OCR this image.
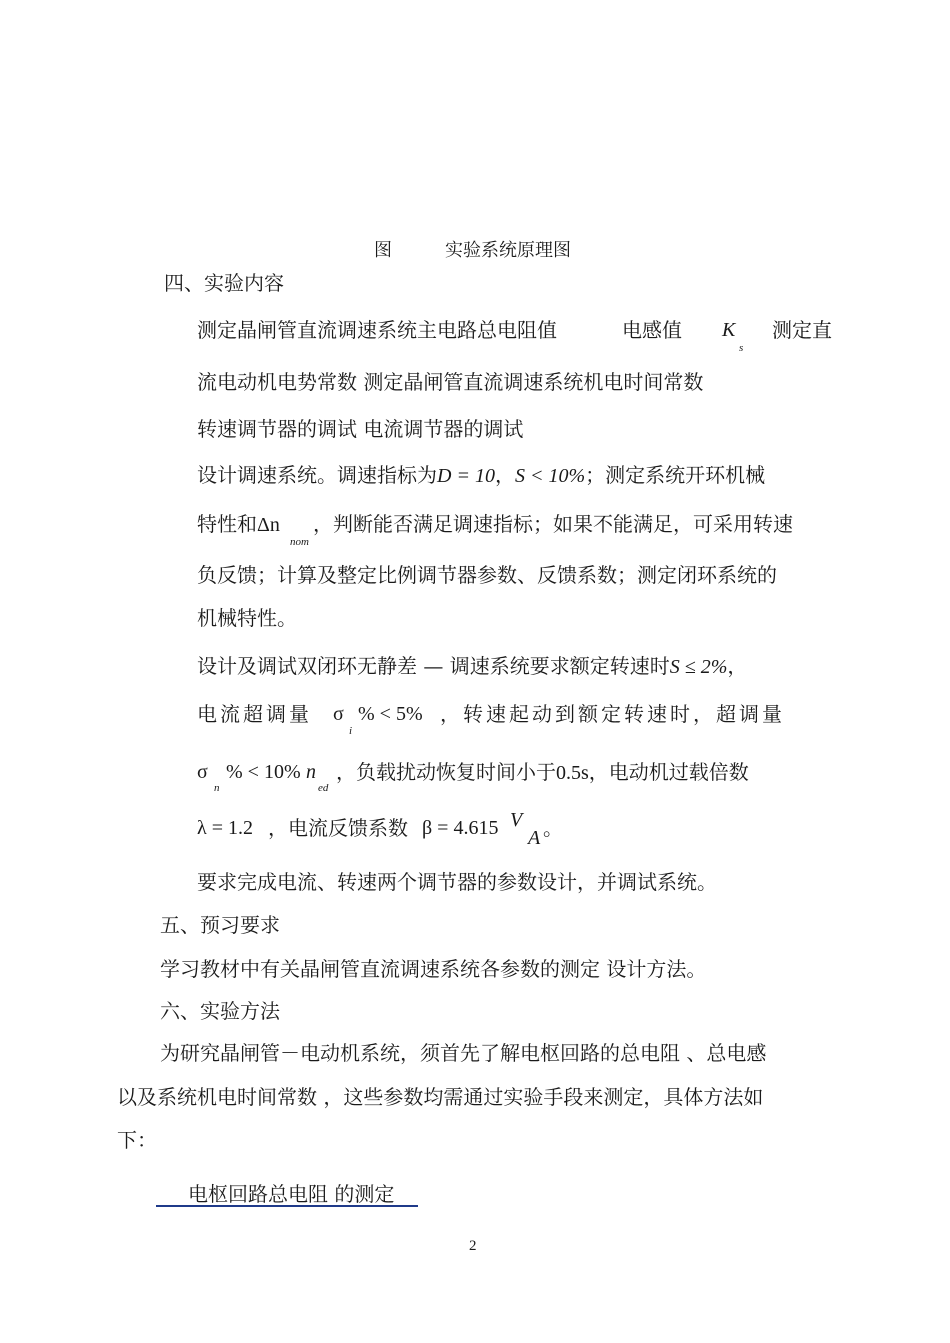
图	实验系统原理图
四、实验内容
测定晶闸管直流调速系统主电路总电阻值	电感值 K
s
测定直
流电动机电势常数 测定晶闸管直流调速系统机电时间常数
转速调节器的调试 电流调节器的调试
设计调速系统。调速指标为D = 10，S < 10%；测定系统开环机械
特性和Δn
nom
，判断能否满足调速指标；如果不能满足，可采用转速
负反馈；计算及整定比例调节器参数、反馈系数；测定闭环系统的
机械特性。
设计及调试双闭环无静差 — 调速系统要求额定转速时S ≤ 2%，
电流超调量 σ
i
% < 5% ，转速起动到额定转速时，超调量
σ
n
% < 10% n
ed
，负载扰动恢复时间小于0.5s，电动机过载倍数
λ = 1.2 ，电流反馈系数 β = 4.615 V
A 。
要求完成电流、转速两个调节器的参数设计，并调试系统。
五、预习要求
学习教材中有关晶闸管直流调速系统各参数的测定 设计方法。
六、实验方法
为研究晶闸管－电动机系统，须首先了解电枢回路的总电阻 、总电感
以及系统机电时间常数 ，这些参数均需通过实验手段来测定，具体方法如
下：
电枢回路总电阻 的测定
2
